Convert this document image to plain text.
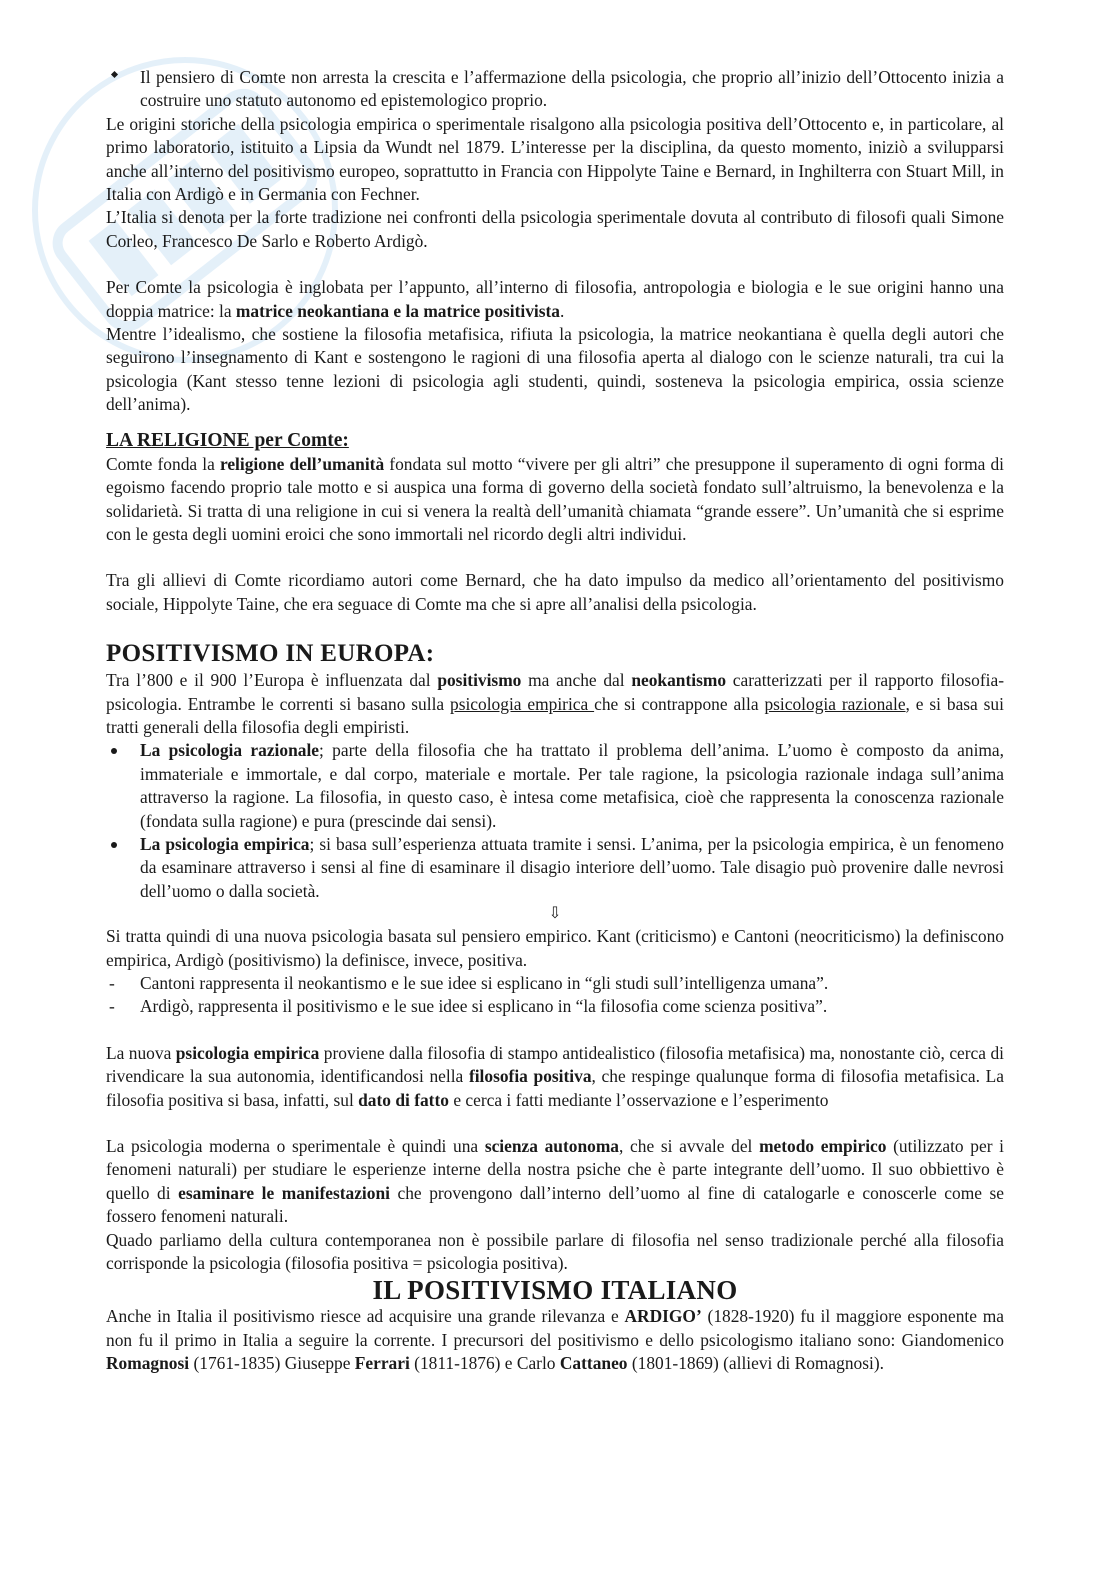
Il pensiero di Comte non arresta la crescita e l’affermazione della psicologia, che proprio all’inizio dell’Ottocento inizia a costruire uno statuto autonomo ed epistemologico proprio.

Le origini storiche della psicologia empirica o sperimentale risalgono alla psicologia positiva dell’Ottocento e, in particolare, al primo laboratorio, istituito a Lipsia da Wundt nel 1879. L’interesse per la disciplina, da questo momento, iniziò a svilupparsi anche all’interno del positivismo europeo, soprattutto in Francia con Hippolyte Taine e Bernard, in Inghilterra con Stuart Mill, in Italia con Ardigò e in Germania con Fechner.

L’Italia si denota per la forte tradizione nei confronti della psicologia sperimentale dovuta al contributo di filosofi quali Simone Corleo, Francesco De Sarlo e Roberto Ardigò.

Per Comte la psicologia è inglobata per l’appunto, all’interno di filosofia, antropologia e biologia e le sue origini hanno una doppia matrice: la matrice neokantiana e la matrice positivista.

Mentre l’idealismo, che sostiene la filosofia metafisica, rifiuta la psicologia, la matrice neokantiana è quella degli autori che seguirono l’insegnamento di Kant e sostengono le ragioni di una filosofia aperta al dialogo con le scienze naturali, tra cui la psicologia (Kant stesso tenne lezioni di psicologia agli studenti, quindi, sosteneva la psicologia empirica, ossia scienze dell’anima).

LA RELIGIONE per Comte:

Comte fonda la religione dell’umanità fondata sul motto “vivere per gli altri” che presuppone il superamento di ogni forma di egoismo facendo proprio tale motto e si auspica una forma di governo della società fondato sull’altruismo, la benevolenza e la solidarietà. Si tratta di una religione in cui si venera la realtà dell’umanità chiamata “grande essere”. Un’umanità che si esprime con le gesta degli uomini eroici che sono immortali nel ricordo degli altri individui.

Tra gli allievi di Comte ricordiamo autori come Bernard, che ha dato impulso da medico all’orientamento del positivismo sociale, Hippolyte Taine, che era seguace di Comte ma che si apre all’analisi della psicologia.

POSITIVISMO IN EUROPA:

Tra l’800 e il 900 l’Europa è influenzata dal positivismo ma anche dal neokantismo caratterizzati per il rapporto filosofia-psicologia. Entrambe le correnti si basano sulla psicologia empirica che si contrappone alla psicologia razionale, e si basa sui tratti generali della filosofia degli empiristi.

La psicologia razionale; parte della filosofia che ha trattato il problema dell’anima. L’uomo è composto da anima, immateriale e immortale, e dal corpo, materiale e mortale. Per tale ragione, la psicologia razionale indaga sull’anima attraverso la ragione. La filosofia, in questo caso, è intesa come metafisica, cioè che rappresenta la conoscenza razionale (fondata sulla ragione) e pura (prescinde dai sensi).
La psicologia empirica; si basa sull’esperienza attuata tramite i sensi. L’anima, per la psicologia empirica, è un fenomeno da esaminare attraverso i sensi al fine di esaminare il disagio interiore dell’uomo. Tale disagio può provenire dalle nevrosi dell’uomo o dalla società.
⇩

Si tratta quindi di una nuova psicologia basata sul pensiero empirico. Kant (criticismo) e Cantoni (neocriticismo) la definiscono empirica, Ardigò (positivismo) la definisce, invece, positiva.

-	Cantoni rappresenta il neokantismo e le sue idee si esplicano in “gli studi sull’intelligenza umana”.
-	Ardigò, rappresenta il positivismo e le sue idee si esplicano in “la filosofia come scienza positiva”.

La nuova psicologia empirica proviene dalla filosofia di stampo antidealistico (filosofia metafisica) ma, nonostante ciò, cerca di rivendicare la sua autonomia, identificandosi nella filosofia positiva, che respinge qualunque forma di filosofia metafisica. La filosofia positiva si basa, infatti, sul dato di fatto e cerca i fatti mediante l’osservazione e l’esperimento

La psicologia moderna o sperimentale è quindi una scienza autonoma, che si avvale del metodo empirico (utilizzato per i fenomeni naturali) per studiare le esperienze interne della nostra psiche che è parte integrante dell’uomo. Il suo obbiettivo è quello di esaminare le manifestazioni che provengono dall’interno dell’uomo al fine di catalogarle e conoscerle come se fossero fenomeni naturali.

Quado parliamo della cultura contemporanea non è possibile parlare di filosofia nel senso tradizionale perché alla filosofia corrisponde la psicologia (filosofia positiva = psicologia positiva).

IL POSITIVISMO ITALIANO

Anche in Italia il positivismo riesce ad acquisire una grande rilevanza e ARDIGO’ (1828-1920) fu il maggiore esponente ma non fu il primo in Italia a seguire la corrente. I precursori del positivismo e dello psicologismo italiano sono: Giandomenico Romagnosi (1761-1835) Giuseppe Ferrari (1811-1876) e Carlo Cattaneo (1801-1869) (allievi di Romagnosi).
